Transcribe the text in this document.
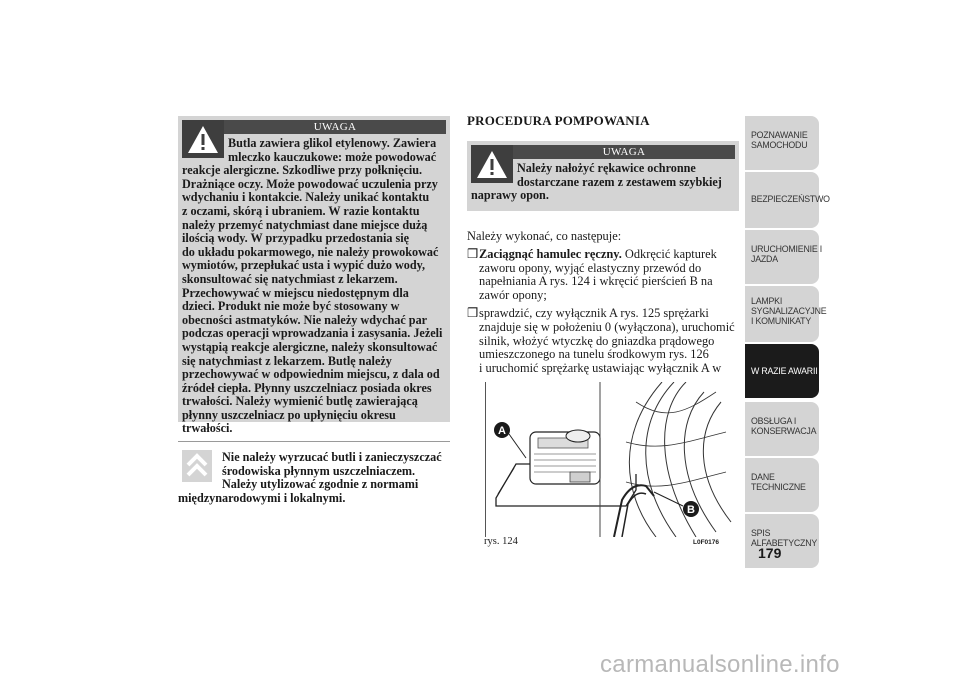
UWAGA
Butla zawiera glikol etylenowy. Zawiera
mleczko kauczukowe: może powodować
reakcje alergiczne. Szkodliwe przy połknięciu.
Drażniące oczy. Może powodować uczulenia przy
wdychaniu i kontakcie. Należy unikać kontaktu
z oczami, skórą i ubraniem. W razie kontaktu
należy przemyć natychmiast dane miejsce dużą
ilością wody. W przypadku przedostania się
do układu pokarmowego, nie należy prowokować
wymiotów, przepłukać usta i wypić dużo wody,
skonsultować się natychmiast z lekarzem.
Przechowywać w miejscu niedostępnym dla
dzieci. Produkt nie może być stosowany w
obecności astmatyków. Nie należy wdychać par
podczas operacji wprowadzania i zasysania. Jeżeli
wystąpią reakcje alergiczne, należy skonsultować
się natychmiast z lekarzem. Butlę należy
przechowywać w odpowiednim miejscu, z dala od
źródeł ciepła. Płynny uszczelniacz posiada okres
trwałości. Należy wymienić butlę zawierającą
płynny uszczelniacz po upłynięciu okresu
trwałości.
Nie należy wyrzucać butli i zanieczyszczać
środowiska płynnym uszczelniaczem.
Należy utylizować zgodnie z normami
międzynarodowymi i lokalnymi.
PROCEDURA POMPOWANIA
UWAGA
Należy nałożyć rękawice ochronne
dostarczane razem z zestawem szybkiej
naprawy opon.
Należy wykonać, co następuje:
❒ Zaciągnąć hamulec ręczny. Odkręcić kapturek
zaworu opony, wyjąć elastyczny przewód do
napełniania A rys. 124 i wkręcić pierścień B na
zawór opony;
❒ sprawdzić, czy wyłącznik A rys. 125 sprężarki
znajduje się w położeniu 0 (wyłączona), uruchomić
silnik, włożyć wtyczkę do gniazdka prądowego
umieszczonego na tunelu środkowym rys. 126
i uruchomić sprężarkę ustawiając wyłącznik A w
A
B
rys. 124	L0F0176
POZNAWANIE
SAMOCHODU
BEZPIECZEŃSTWO
URUCHOMIENIE I
JAZDA
LAMPKI
SYGNALIZACYJNE
I KOMUNIKATY
W RAZIE AWARII
OBSŁUGA I
KONSERWACJA
DANE
TECHNICZNE
SPIS
ALFABETYCZNY
179
carmanualsonline.info
